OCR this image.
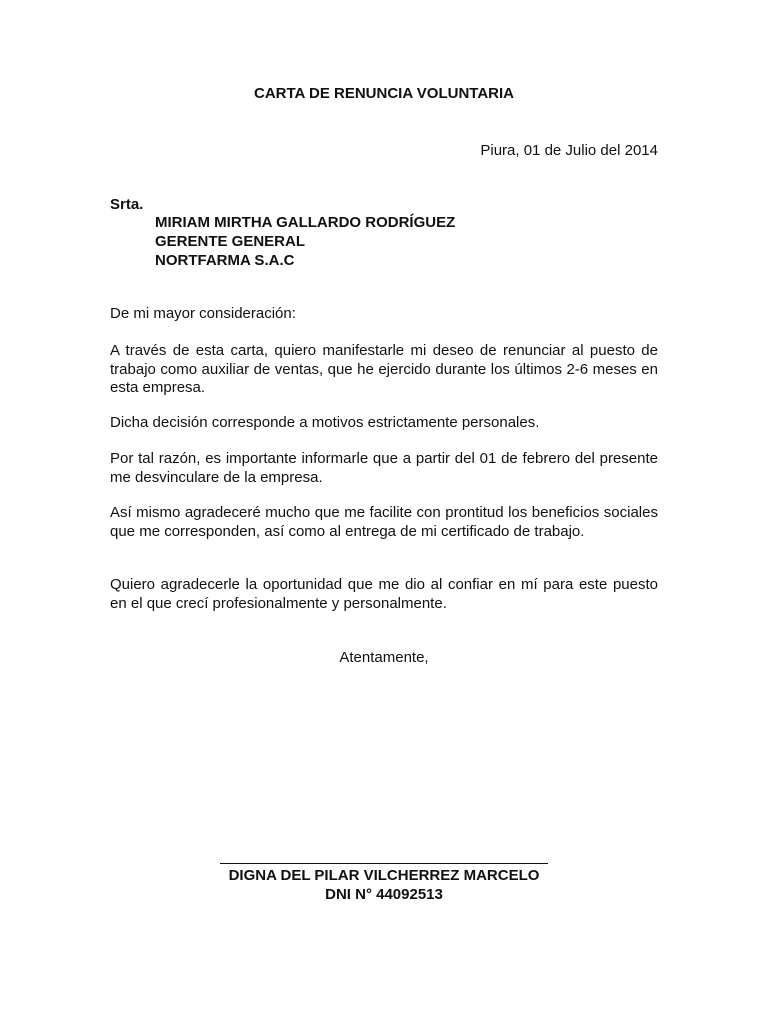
CARTA DE RENUNCIA VOLUNTARIA
Piura, 01 de Julio del 2014
Srta.
MIRIAM MIRTHA GALLARDO RODRÍGUEZ
GERENTE GENERAL
NORTFARMA S.A.C
De mi mayor consideración:
A través de esta carta, quiero manifestarle mi deseo de renunciar al puesto de trabajo como auxiliar de ventas, que he ejercido durante los últimos 2-6 meses en esta empresa.
Dicha decisión corresponde a motivos estrictamente personales.
Por tal razón, es importante informarle que a partir del 01 de febrero del presente me desvinculare de la empresa.
Así mismo agradeceré mucho que me facilite con prontitud los beneficios sociales que me corresponden, así como al entrega de mi certificado de trabajo.
Quiero agradecerle la oportunidad que me dio al confiar en mí para este puesto en el que crecí profesionalmente y personalmente.
Atentamente,
DIGNA DEL PILAR VILCHERREZ MARCELO
DNI N° 44092513
